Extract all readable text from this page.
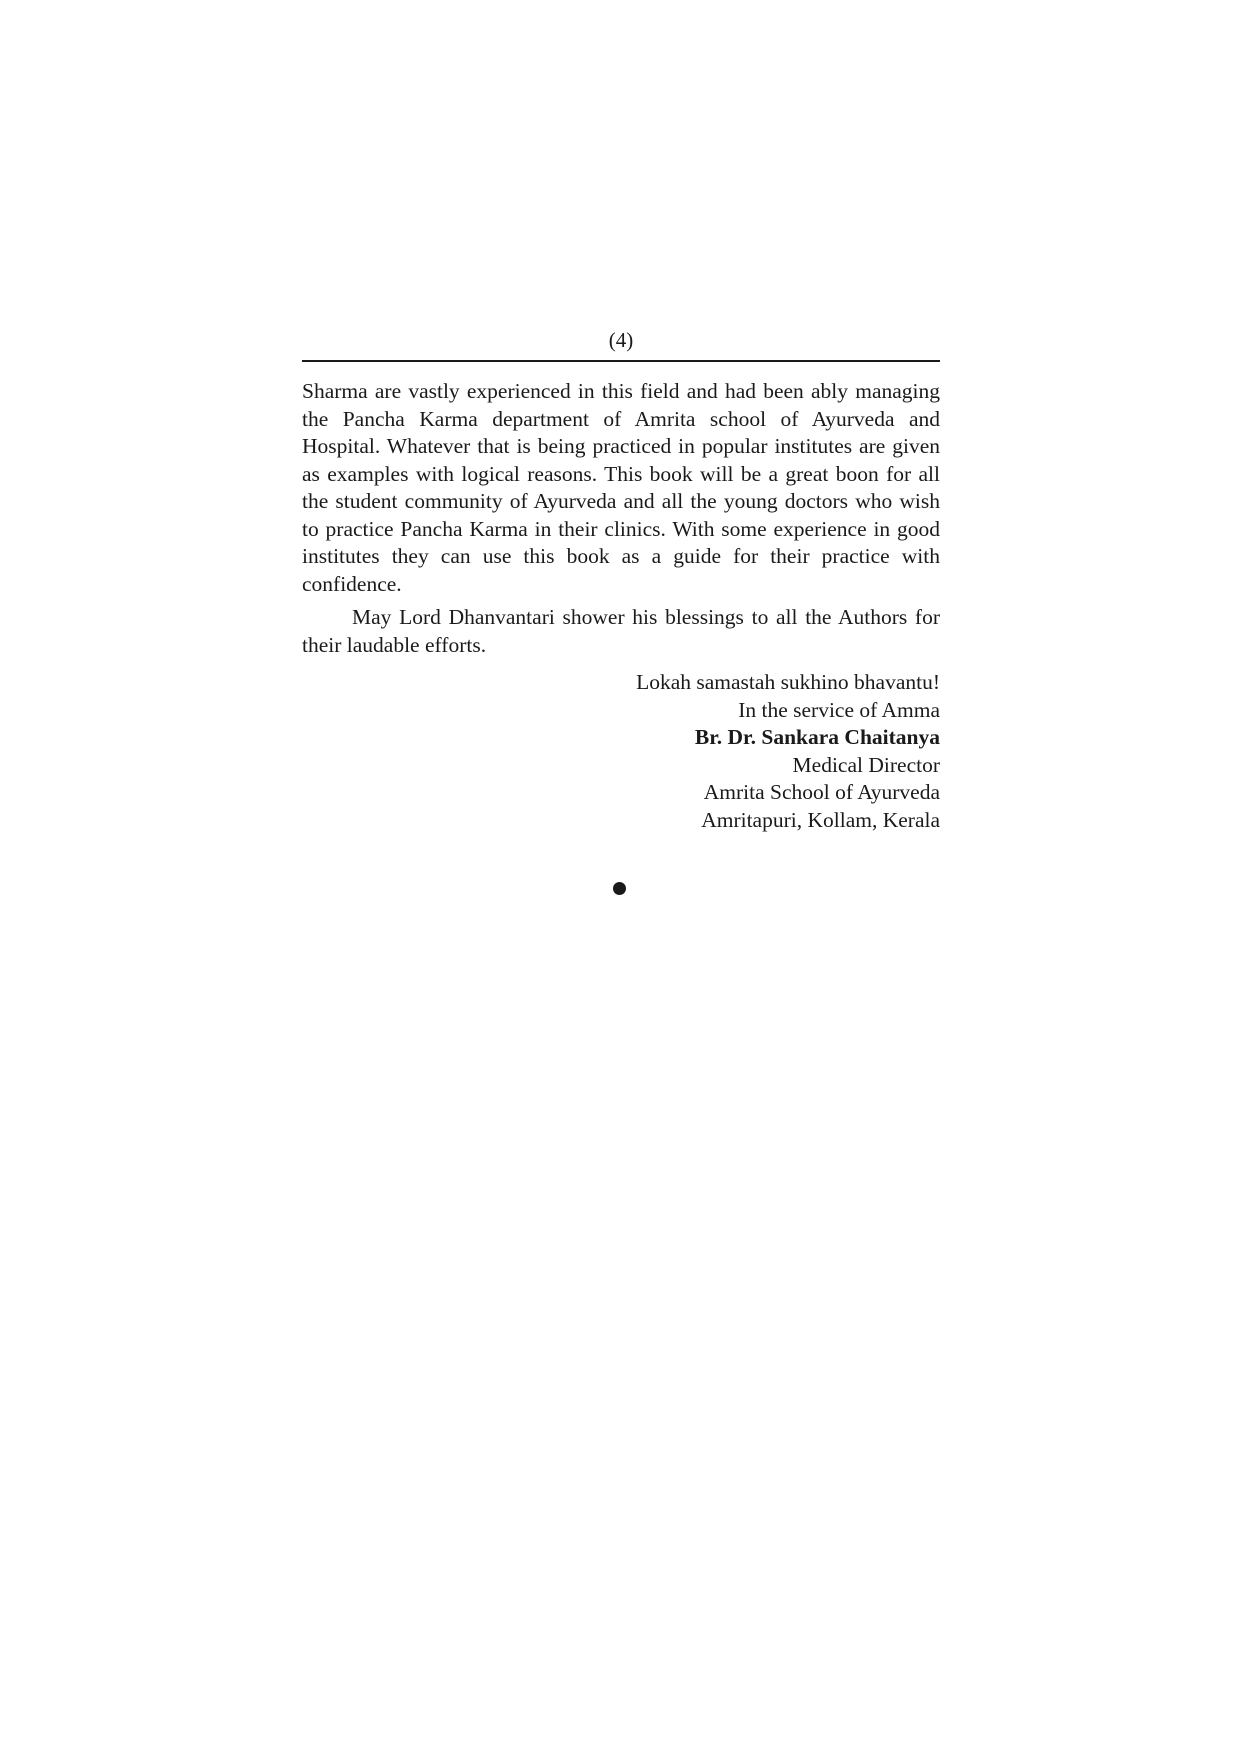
(4)

Sharma are vastly experienced in this field and had been ably managing the Pancha Karma department of Amrita school of Ayurveda and Hospital. Whatever that is being practiced in popular institutes are given as examples with logical reasons. This book will be a great boon for all the student community of Ayurveda and all the young doctors who wish to practice Pancha Karma in their clinics. With some experience in good institutes they can use this book as a guide for their practice with confidence.

May Lord Dhanvantari shower his blessings to all the Authors for their laudable efforts.

Lokah samastah sukhino bhavantu!
In the service of Amma
Br. Dr. Sankara Chaitanya
Medical Director
Amrita School of Ayurveda
Amritapuri, Kollam, Kerala
